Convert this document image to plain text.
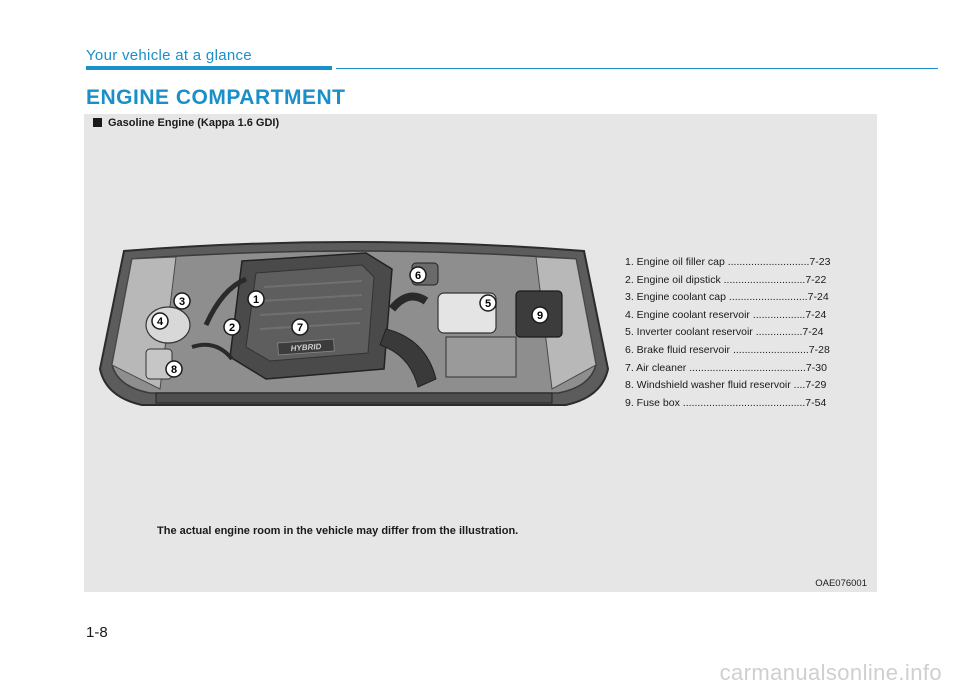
Your vehicle at a glance
ENGINE COMPARTMENT
Gasoline Engine (Kappa 1.6 GDI)
HYBRID
1
2
3
4
5
6
7
8
9
1. Engine oil filler cap ............................7-23
2. Engine oil dipstick ............................7-22
3. Engine coolant cap ...........................7-24
4. Engine coolant reservoir ..................7-24
5. Inverter coolant reservoir ................7-24
6. Brake fluid reservoir ..........................7-28
7. Air cleaner ........................................7-30
8. Windshield washer fluid reservoir ....7-29
9. Fuse box ..........................................7-54
The actual engine room in the vehicle may differ from the illustration.
OAE076001
1-8
carmanualsonline.info
